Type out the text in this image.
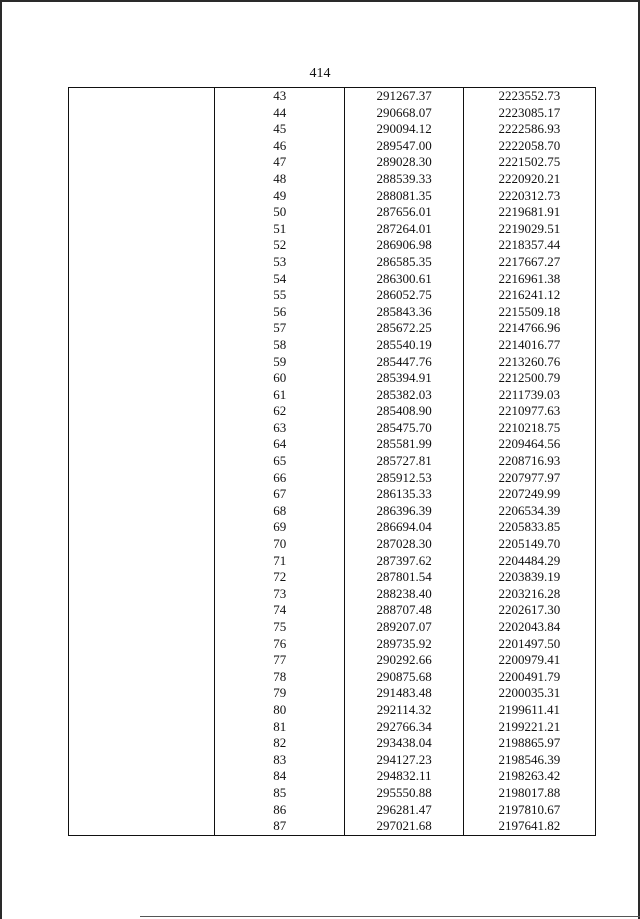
414
43	291267.37	2223552.73
44	290668.07	2223085.17
45	290094.12	2222586.93
46	289547.00	2222058.70
47	289028.30	2221502.75
48	288539.33	2220920.21
49	288081.35	2220312.73
50	287656.01	2219681.91
51	287264.01	2219029.51
52	286906.98	2218357.44
53	286585.35	2217667.27
54	286300.61	2216961.38
55	286052.75	2216241.12
56	285843.36	2215509.18
57	285672.25	2214766.96
58	285540.19	2214016.77
59	285447.76	2213260.76
60	285394.91	2212500.79
61	285382.03	2211739.03
62	285408.90	2210977.63
63	285475.70	2210218.75
64	285581.99	2209464.56
65	285727.81	2208716.93
66	285912.53	2207977.97
67	286135.33	2207249.99
68	286396.39	2206534.39
69	286694.04	2205833.85
70	287028.30	2205149.70
71	287397.62	2204484.29
72	287801.54	2203839.19
73	288238.40	2203216.28
74	288707.48	2202617.30
75	289207.07	2202043.84
76	289735.92	2201497.50
77	290292.66	2200979.41
78	290875.68	2200491.79
79	291483.48	2200035.31
80	292114.32	2199611.41
81	292766.34	2199221.21
82	293438.04	2198865.97
83	294127.23	2198546.39
84	294832.11	2198263.42
85	295550.88	2198017.88
86	296281.47	2197810.67
87	297021.68	2197641.82
